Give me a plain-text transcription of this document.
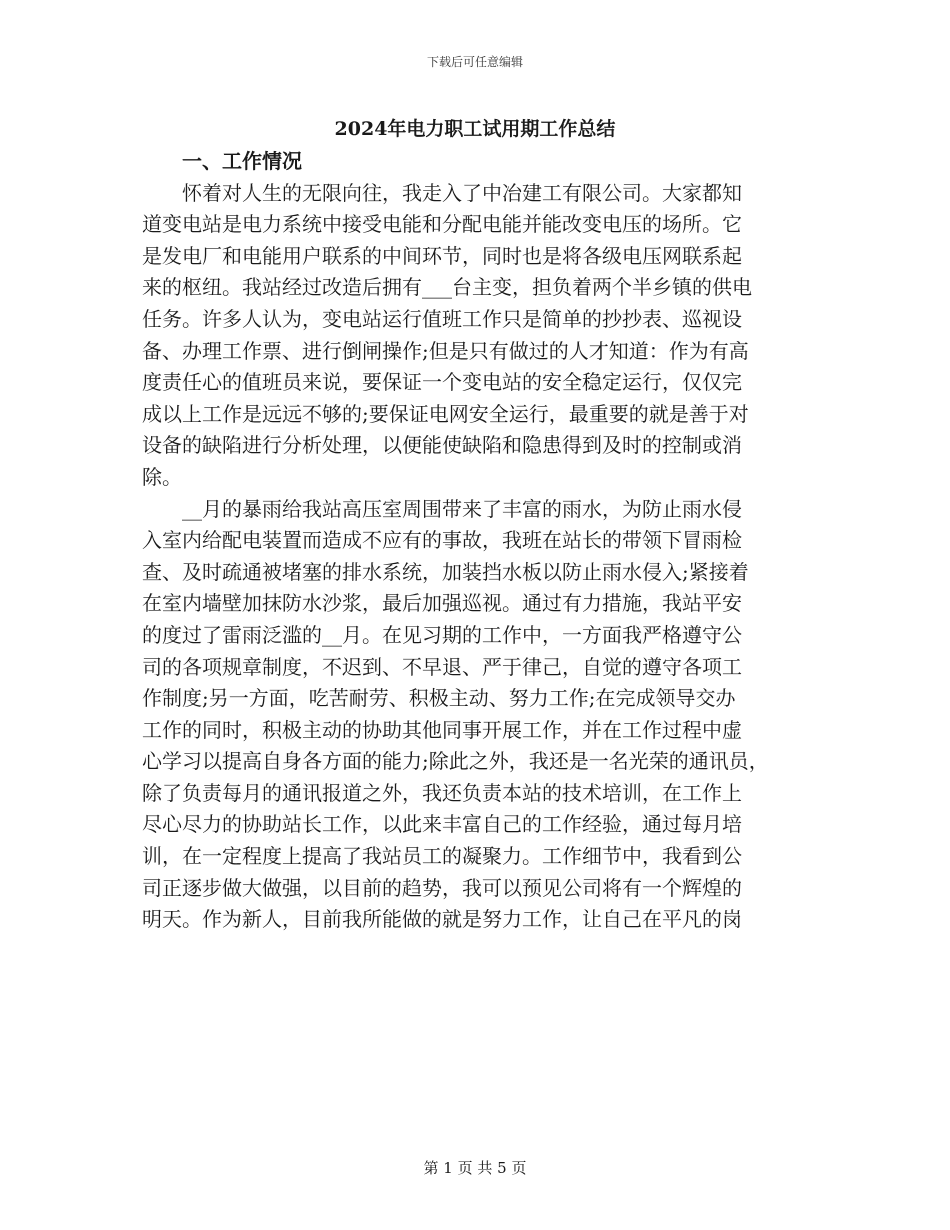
下载后可任意编辑
2024年电力职工试用期工作总结

一、工作情况

怀着对人生的无限向往，我走入了中冶建工有限公司。大家都知
道变电站是电力系统中接受电能和分配电能并能改变电压的场所。它
是发电厂和电能用户联系的中间环节，同时也是将各级电压网联系起
来的枢纽。我站经过改造后拥有___台主变，担负着两个半乡镇的供电
任务。许多人认为，变电站运行值班工作只是简单的抄抄表、巡视设
备、办理工作票、进行倒闸操作;但是只有做过的人才知道：作为有高
度责任心的值班员来说，要保证一个变电站的安全稳定运行，仅仅完
成以上工作是远远不够的;要保证电网安全运行，最重要的就是善于对
设备的缺陷进行分析处理，以便能使缺陷和隐患得到及时的控制或消
除。
__月的暴雨给我站高压室周围带来了丰富的雨水，为防止雨水侵
入室内给配电装置而造成不应有的事故，我班在站长的带领下冒雨检
查、及时疏通被堵塞的排水系统，加装挡水板以防止雨水侵入;紧接着
在室内墙壁加抹防水沙浆，最后加强巡视。通过有力措施，我站平安
的度过了雷雨泛滥的__月。在见习期的工作中，一方面我严格遵守公
司的各项规章制度，不迟到、不早退、严于律己，自觉的遵守各项工
作制度;另一方面，吃苦耐劳、积极主动、努力工作;在完成领导交办
工作的同时，积极主动的协助其他同事开展工作，并在工作过程中虚
心学习以提高自身各方面的能力;除此之外，我还是一名光荣的通讯员，
除了负责每月的通讯报道之外，我还负责本站的技术培训，在工作上
尽心尽力的协助站长工作，以此来丰富自己的工作经验，通过每月培
训，在一定程度上提高了我站员工的凝聚力。工作细节中，我看到公
司正逐步做大做强，以目前的趋势，我可以预见公司将有一个辉煌的
明天。作为新人，目前我所能做的就是努力工作，让自己在平凡的岗
第 1 页 共 5 页
